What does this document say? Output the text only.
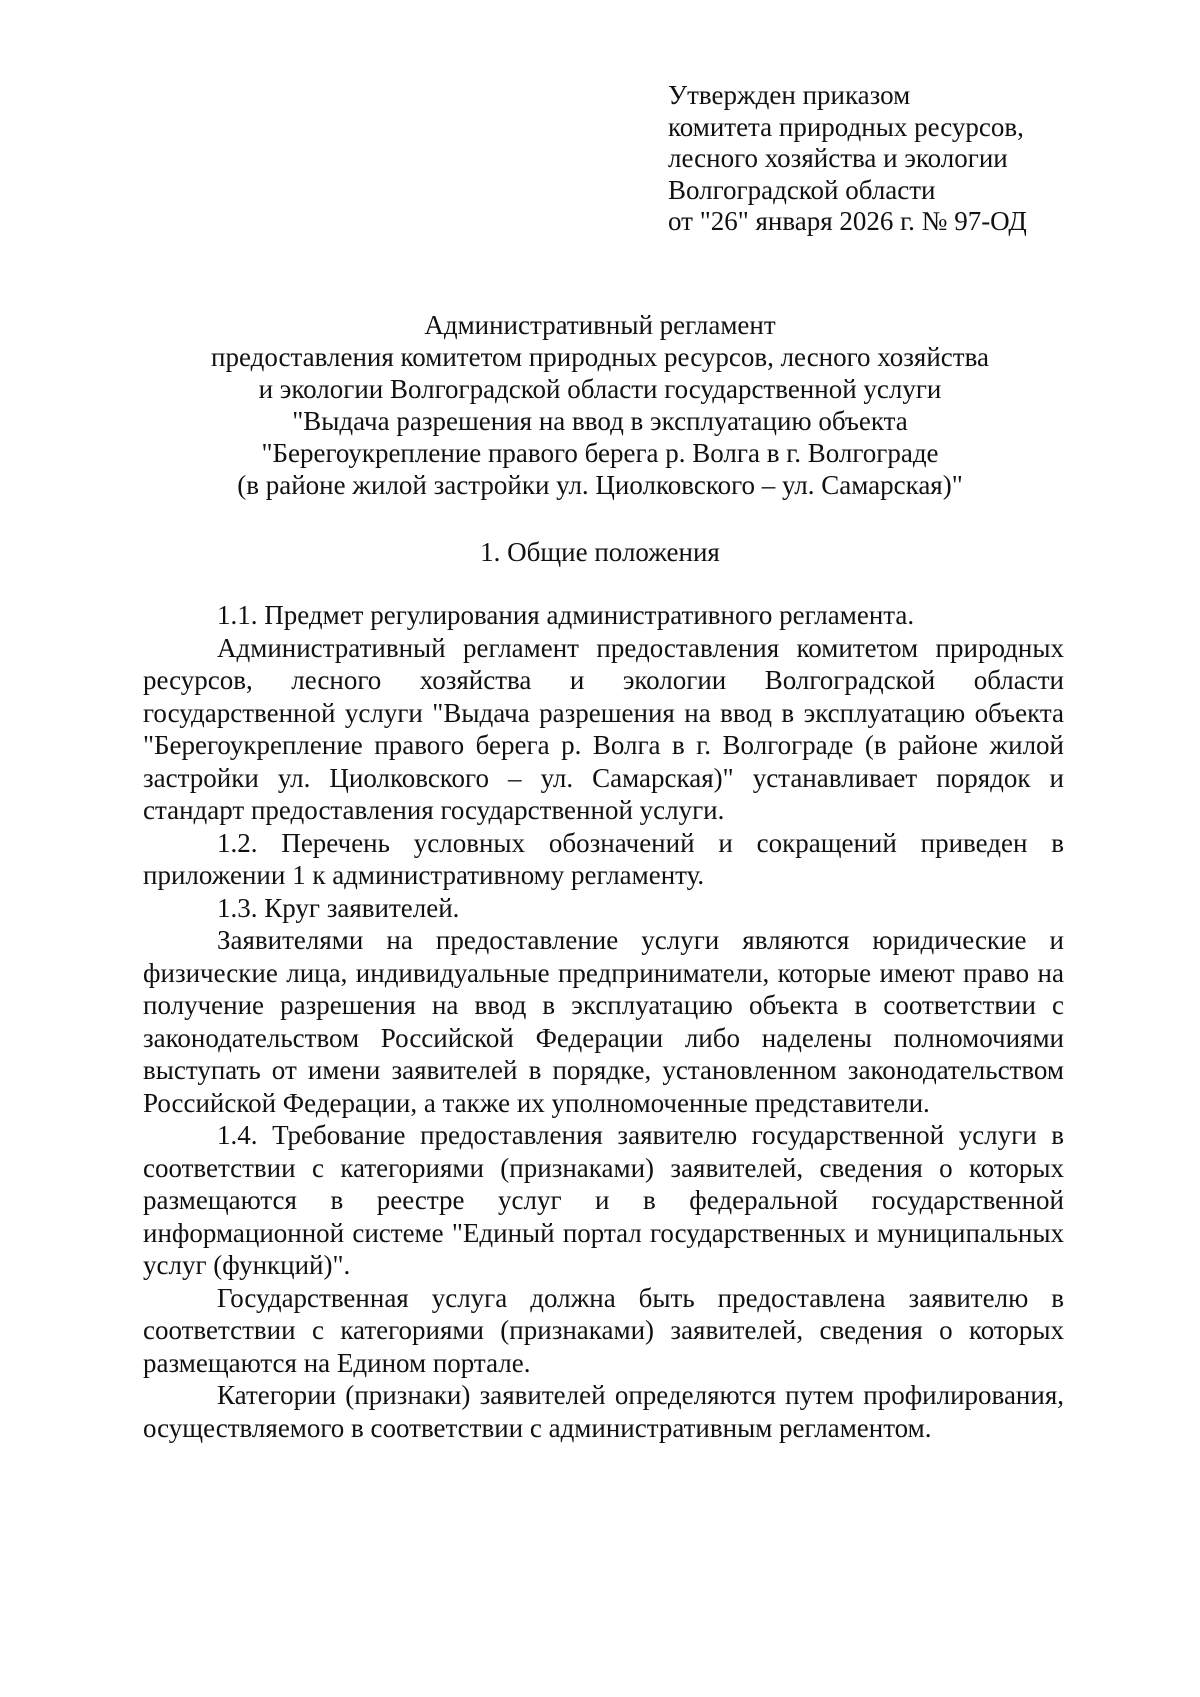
Утвержден приказом
комитета природных ресурсов,
лесного хозяйства и экологии
Волгоградской области
от "26" января 2026 г. № 97-ОД
Административный регламент
предоставления комитетом природных ресурсов, лесного хозяйства
и экологии Волгоградской области государственной услуги
"Выдача разрешения на ввод в эксплуатацию объекта
"Берегоукрепление правого берега р. Волга в г. Волгограде
(в районе жилой застройки ул. Циолковского – ул. Самарская)"
1. Общие положения

1.1. Предмет регулирования административного регламента.

Административный регламент предоставления комитетом природных ресурсов, лесного хозяйства и экологии Волгоградской области государственной услуги "Выдача разрешения на ввод в эксплуатацию объекта "Берегоукрепление правого берега р. Волга в г. Волгограде (в районе жилой застройки ул. Циолковского – ул. Самарская)" устанавливает порядок и стандарт предоставления государственной услуги.

1.2. Перечень условных обозначений и сокращений приведен в приложении 1 к административному регламенту.

1.3. Круг заявителей.

Заявителями на предоставление услуги являются юридические и физические лица, индивидуальные предприниматели, которые имеют право на получение разрешения на ввод в эксплуатацию объекта в соответствии с законодательством Российской Федерации либо наделены полномочиями выступать от имени заявителей в порядке, установленном законодательством Российской Федерации, а также их уполномоченные представители.

1.4. Требование предоставления заявителю государственной услуги в соответствии с категориями (признаками) заявителей, сведения о которых размещаются в реестре услуг и в федеральной государственной информационной системе "Единый портал государственных и муниципальных услуг (функций)".

Государственная услуга должна быть предоставлена заявителю в соответствии с категориями (признаками) заявителей, сведения о которых размещаются на Едином портале.

Категории (признаки) заявителей определяются путем профилирования, осуществляемого в соответствии с административным регламентом.
